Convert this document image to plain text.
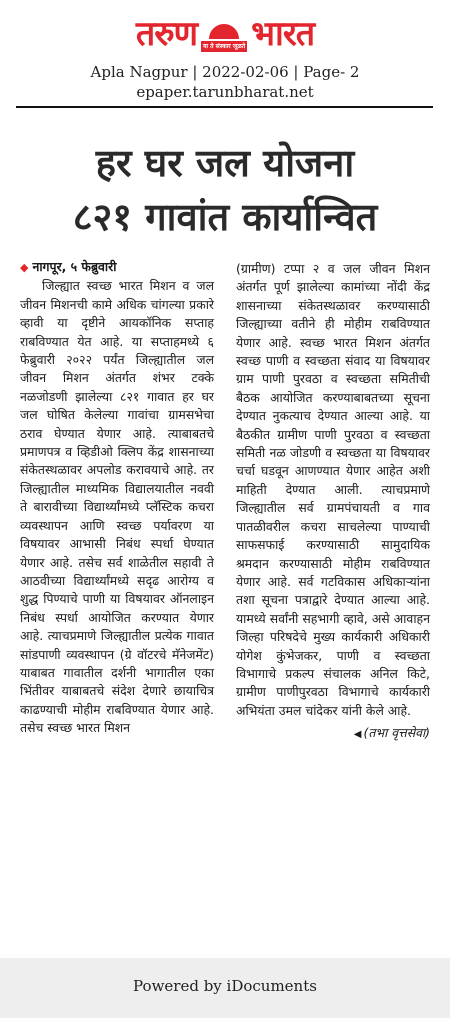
तरुण या ते संस्कार जूळते भारत
Apla Nagpur | 2022-02-06 | Page- 2
epaper.tarunbharat.net
हर घर जल योजना
८२१ गावांत कार्यान्वित
◆ नागपूर, ५ फेब्रुवारी
जिल्ह्यात स्वच्छ भारत मिशन व जल जीवन मिशनची कामे अधिक चांगल्या प्रकारे व्हावी या दृष्टीने आयकॉनिक सप्ताह राबविण्यात येत आहे. या सप्ताहमध्ये ६ फेब्रुवारी २०२२ पर्यंत जिल्ह्यातील जल जीवन मिशन अंतर्गत शंभर टक्के नळजोडणी झालेल्या ८२१ गावात हर घर जल घोषित केलेल्या गावांचा ग्रामसभेचा ठराव घेण्यात येणार आहे. त्याबाबतचे प्रमाणपत्र व व्हिडीओ क्लिप केंद्र शासनाच्या संकेतस्थळावर अपलोड करावयाचे आहे. तर जिल्ह्यातील माध्यमिक विद्यालयातील नववी ते बारावीच्या विद्यार्थ्यांमध्ये प्लॅस्टिक कचरा व्यवस्थापन आणि स्वच्छ पर्यावरण या विषयावर आभासी निबंध स्पर्धा घेण्यात येणार आहे. तसेच सर्व शाळेतील सहावी ते आठवीच्या विद्यार्थ्यांमध्ये सदृढ आरोग्य व शुद्ध पिण्याचे पाणी या विषयावर ऑनलाइन निबंध स्पर्धा आयोजित करण्यात येणार आहे. त्याचप्रमाणे जिल्ह्यातील प्रत्येक गावात सांडपाणी व्यवस्थापन (ग्रे वॉटरचे मॅनेजमेंट) याबाबत गावातील दर्शनी भागातील एका भिंतीवर याबाबतचे संदेश देणारे छायाचित्र काढण्याची मोहीम राबविण्यात येणार आहे. तसेच स्वच्छ भारत मिशन
(ग्रामीण) टप्पा २ व जल जीवन मिशन अंतर्गत पूर्ण झालेल्या कामांच्या नोंदी केंद्र शासनाच्या संकेतस्थळावर करण्यासाठी जिल्ह्याच्या वतीने ही मोहीम राबविण्यात येणार आहे. स्वच्छ भारत मिशन अंतर्गत स्वच्छ पाणी व स्वच्छता संवाद या विषयावर ग्राम पाणी पुरवठा व स्वच्छता समितीची बैठक आयोजित करण्याबाबतच्या सूचना देण्यात नुकत्याच देण्यात आल्या आहे. या बैठकीत ग्रामीण पाणी पुरवठा व स्वच्छता समिती नळ जोडणी व स्वच्छता या विषयावर चर्चा घडवून आणण्यात येणार आहेत अशी माहिती देण्यात आली. त्याचप्रमाणे जिल्ह्यातील सर्व ग्रामपंचायती व गाव पातळीवरील कचरा साचलेल्या पाण्याची साफसफाई करण्यासाठी सामुदायिक श्रमदान करण्यासाठी मोहीम राबविण्यात येणार आहे. सर्व गटविकास अधिकाऱ्यांना तशा सूचना पत्राद्वारे देण्यात आल्या आहे. यामध्ये सर्वांनी सहभागी व्हावे, असे आवाहन जिल्हा परिषदेचे मुख्य कार्यकारी अधिकारी योगेश कुंभेजकर, पाणी व स्वच्छता विभागाचे प्रकल्प संचालक अनिल किटे, ग्रामीण पाणीपुरवठा विभागाचे कार्यकारी अभियंता उमल चांदेकर यांनी केले आहे.
◀ (तभा वृत्तसेवा)
Powered by iDocuments
